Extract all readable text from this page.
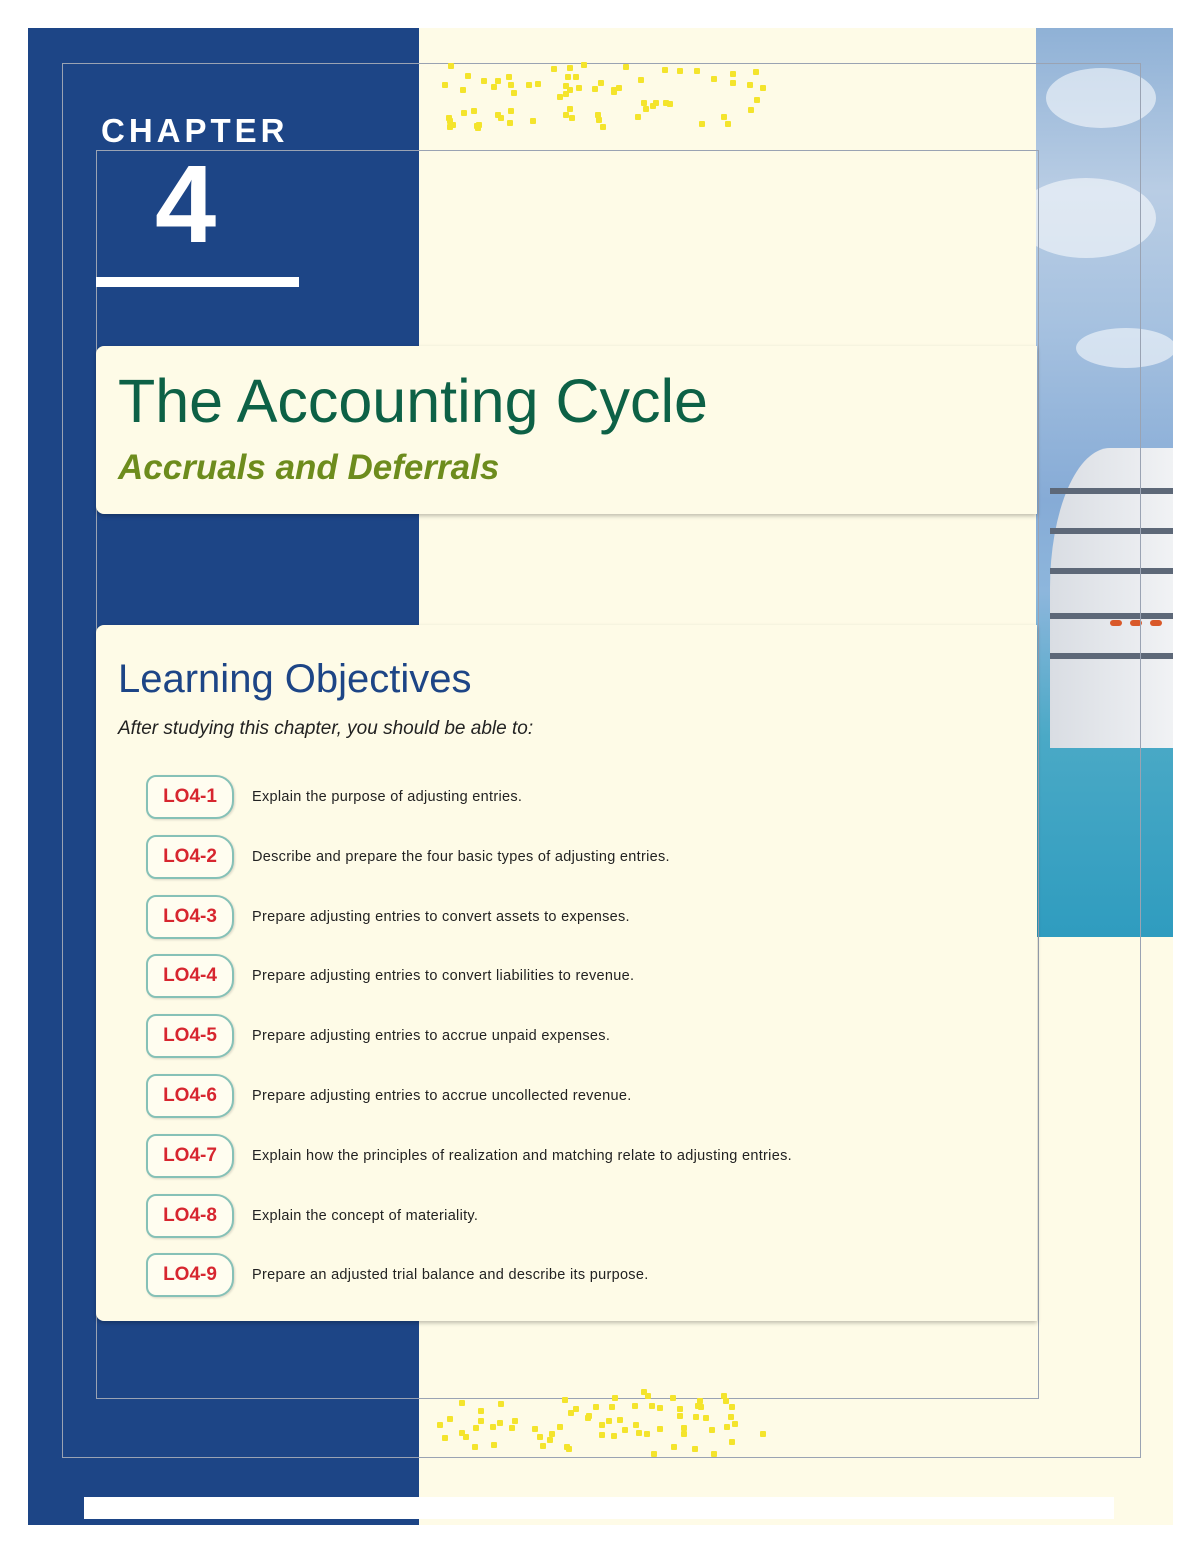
CHAPTER
4
The Accounting Cycle
Accruals and Deferrals
Learning Objectives

After studying this chapter, you should be able to:

LO4-1	Explain the purpose of adjusting entries.
LO4-2	Describe and prepare the four basic types of adjusting entries.
LO4-3	Prepare adjusting entries to convert assets to expenses.
LO4-4	Prepare adjusting entries to convert liabilities to revenue.
LO4-5	Prepare adjusting entries to accrue unpaid expenses.
LO4-6	Prepare adjusting entries to accrue uncollected revenue.
LO4-7	Explain how the principles of realization and matching relate to adjusting entries.
LO4-8	Explain the concept of materiality.
LO4-9	Prepare an adjusted trial balance and describe its purpose.
